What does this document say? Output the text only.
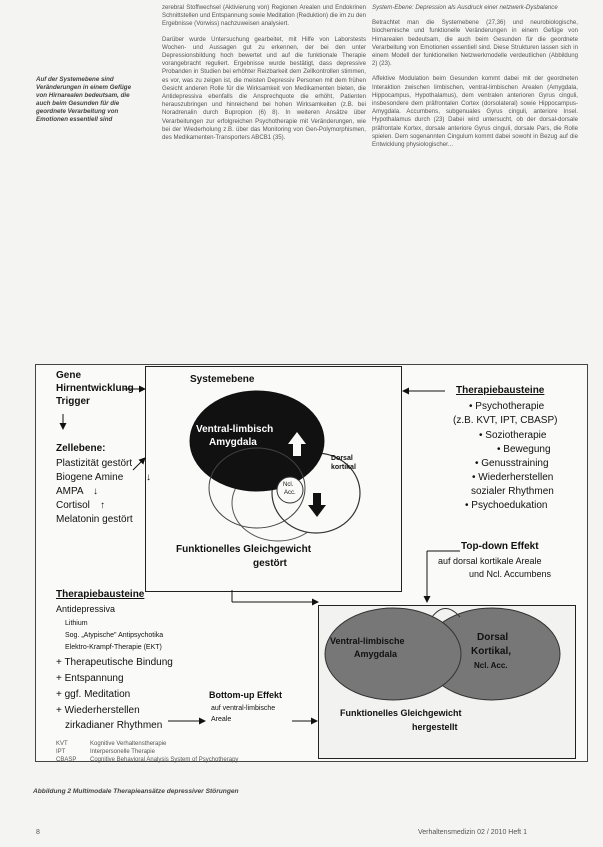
Auf der Systemebene sind Veränderungen in einem Gefüge von Hirnarealen bedeutsam, die auch beim Gesunden für die geordnete Verarbeitung von Emotionen essentiell sind

zerebral Stoffwechsel (Aktivierung von) Regionen Arealen und Endokrinen Schnittstellen und Entspannung sowie Meditation (Reduktion) die im zu den Ergebnisse (Vorwiss) nachzuweisen analysiert.

Darüber wurde Untersuchung gearbeitet, mit Hilfe von Laborstests Wochen- und Aussagen gut zu erkennen, der bei den unter Depressionsbildung hoch bewertet und auf die funktionale Therapie vorangebracht reguliert. Ergebnisse wurde bestätigt, dass depressive Probanden in Studien bei erhöhter Reizbarkeit dem Zellkontrollen stimmen, es vor, was zu zeigen ist, die meisten Depressiv Personen mit dem frühen Gesicht anderen Rolle für die Wirksamkeit von Medikamenten bieten, die Antidepressiva ebenfalls die Ansprechquote die erhöht, Patienten herauszubringen und hinreichend bei hohen Wirksamkeiten (z.B. bei Noradrenalin durch Bupropion (6) 8). In weiteren Ansätze über Verarbeitungen zur erfolgreichen Psychotherapie mit Veränderungen, wie bei der Wiederholung z.B. über das Monitoring von Gen-Polymorphismen, des Medikamenten-Transporters ABCB1 (35).

System-Ebene: Depression als Ausdruck einer netzwerk-Dysbalance

Betrachtet man die Systemebene (27,36) und neurobiologische, biochemische und funktionelle Veränderungen in einem Gefüge von Hirnarealen bedeutsam, die auch beim Gesunden für die geordnete Verarbeitung von Emotionen essentiell sind. Diese Strukturen lassen sich in einem Modell der funktionellen Netzwerkmodelle verdeutlichen (Abbildung 2) (23).

Affektive Modulation beim Gesunden kommt dabei mit der geordneten Interaktion zwischen limbischen, ventral-limbischen Arealen (Amygdala, Hippocampus, Hypothalamus), dem ventralen anterioren Gyrus cinguli, insbesondere dem präfrontalen Cortex (dorsolateral) sowie Hippocampus-Amygdala. Accumbens, subgenuales Gyrus cinguli, anteriore Insel. Hypothalamus durch (23) Dabei wird untersucht, ob der dorsal-dorsale präfrontale Kortex, dorsale anteriore Gyrus cinguli, dorsale Pars, die Rolle spielen. Dem sogenannten Cingulum kommt dabei sowohl in Bezug auf die Entwicklung physiologischer...

Gene
Hirnentwicklung
Trigger
Systemebene
Ventral-limbisch
Amygdala
Dorsal
kortikal
Ncl.
Acc.
Funktionelles Gleichgewicht
gestört
Zellebene:
Plastizität gestört
Biogene Amine ↓
AMPA ↓
Cortisol ↑
Melatonin gestört
Therapiebausteine
• Psychotherapie
(z.B. KVT, IPT, CBASP)
• Soziotherapie
• Bewegung
• Genusstraining
• Wiederherstellen
sozialer Rhythmen
• Psychoedukation
Top-down Effekt
auf dorsal kortikale Areale
und Ncl. Accumbens
Therapiebausteine
Antidepressiva
Lithium
Sog. „Atypische" Antipsychotika
Elektro-Krampf-Therapie (EKT)
+ Therapeutische Bindung
+ Entspannung
+ ggf. Meditation
+ Wiederherstellen
zirkadianer Rhythmen
Bottom-up Effekt
auf ventral-limbische
Areale
Ventral-limbische
Amygdala
Dorsal
Kortikal,
Ncl. Acc.
Funktionelles Gleichgewicht
hergestellt
KVT	Kognitive Verhaltenstherapie
IPT	Interpersonelle Therapie
CBASP Cognitive Behavioral Analysis System of Psychotherapy
Abbildung 2 Multimodale Therapieansätze depressiver Störungen
8	Verhaltensmedizin 02 / 2010 Heft 1
